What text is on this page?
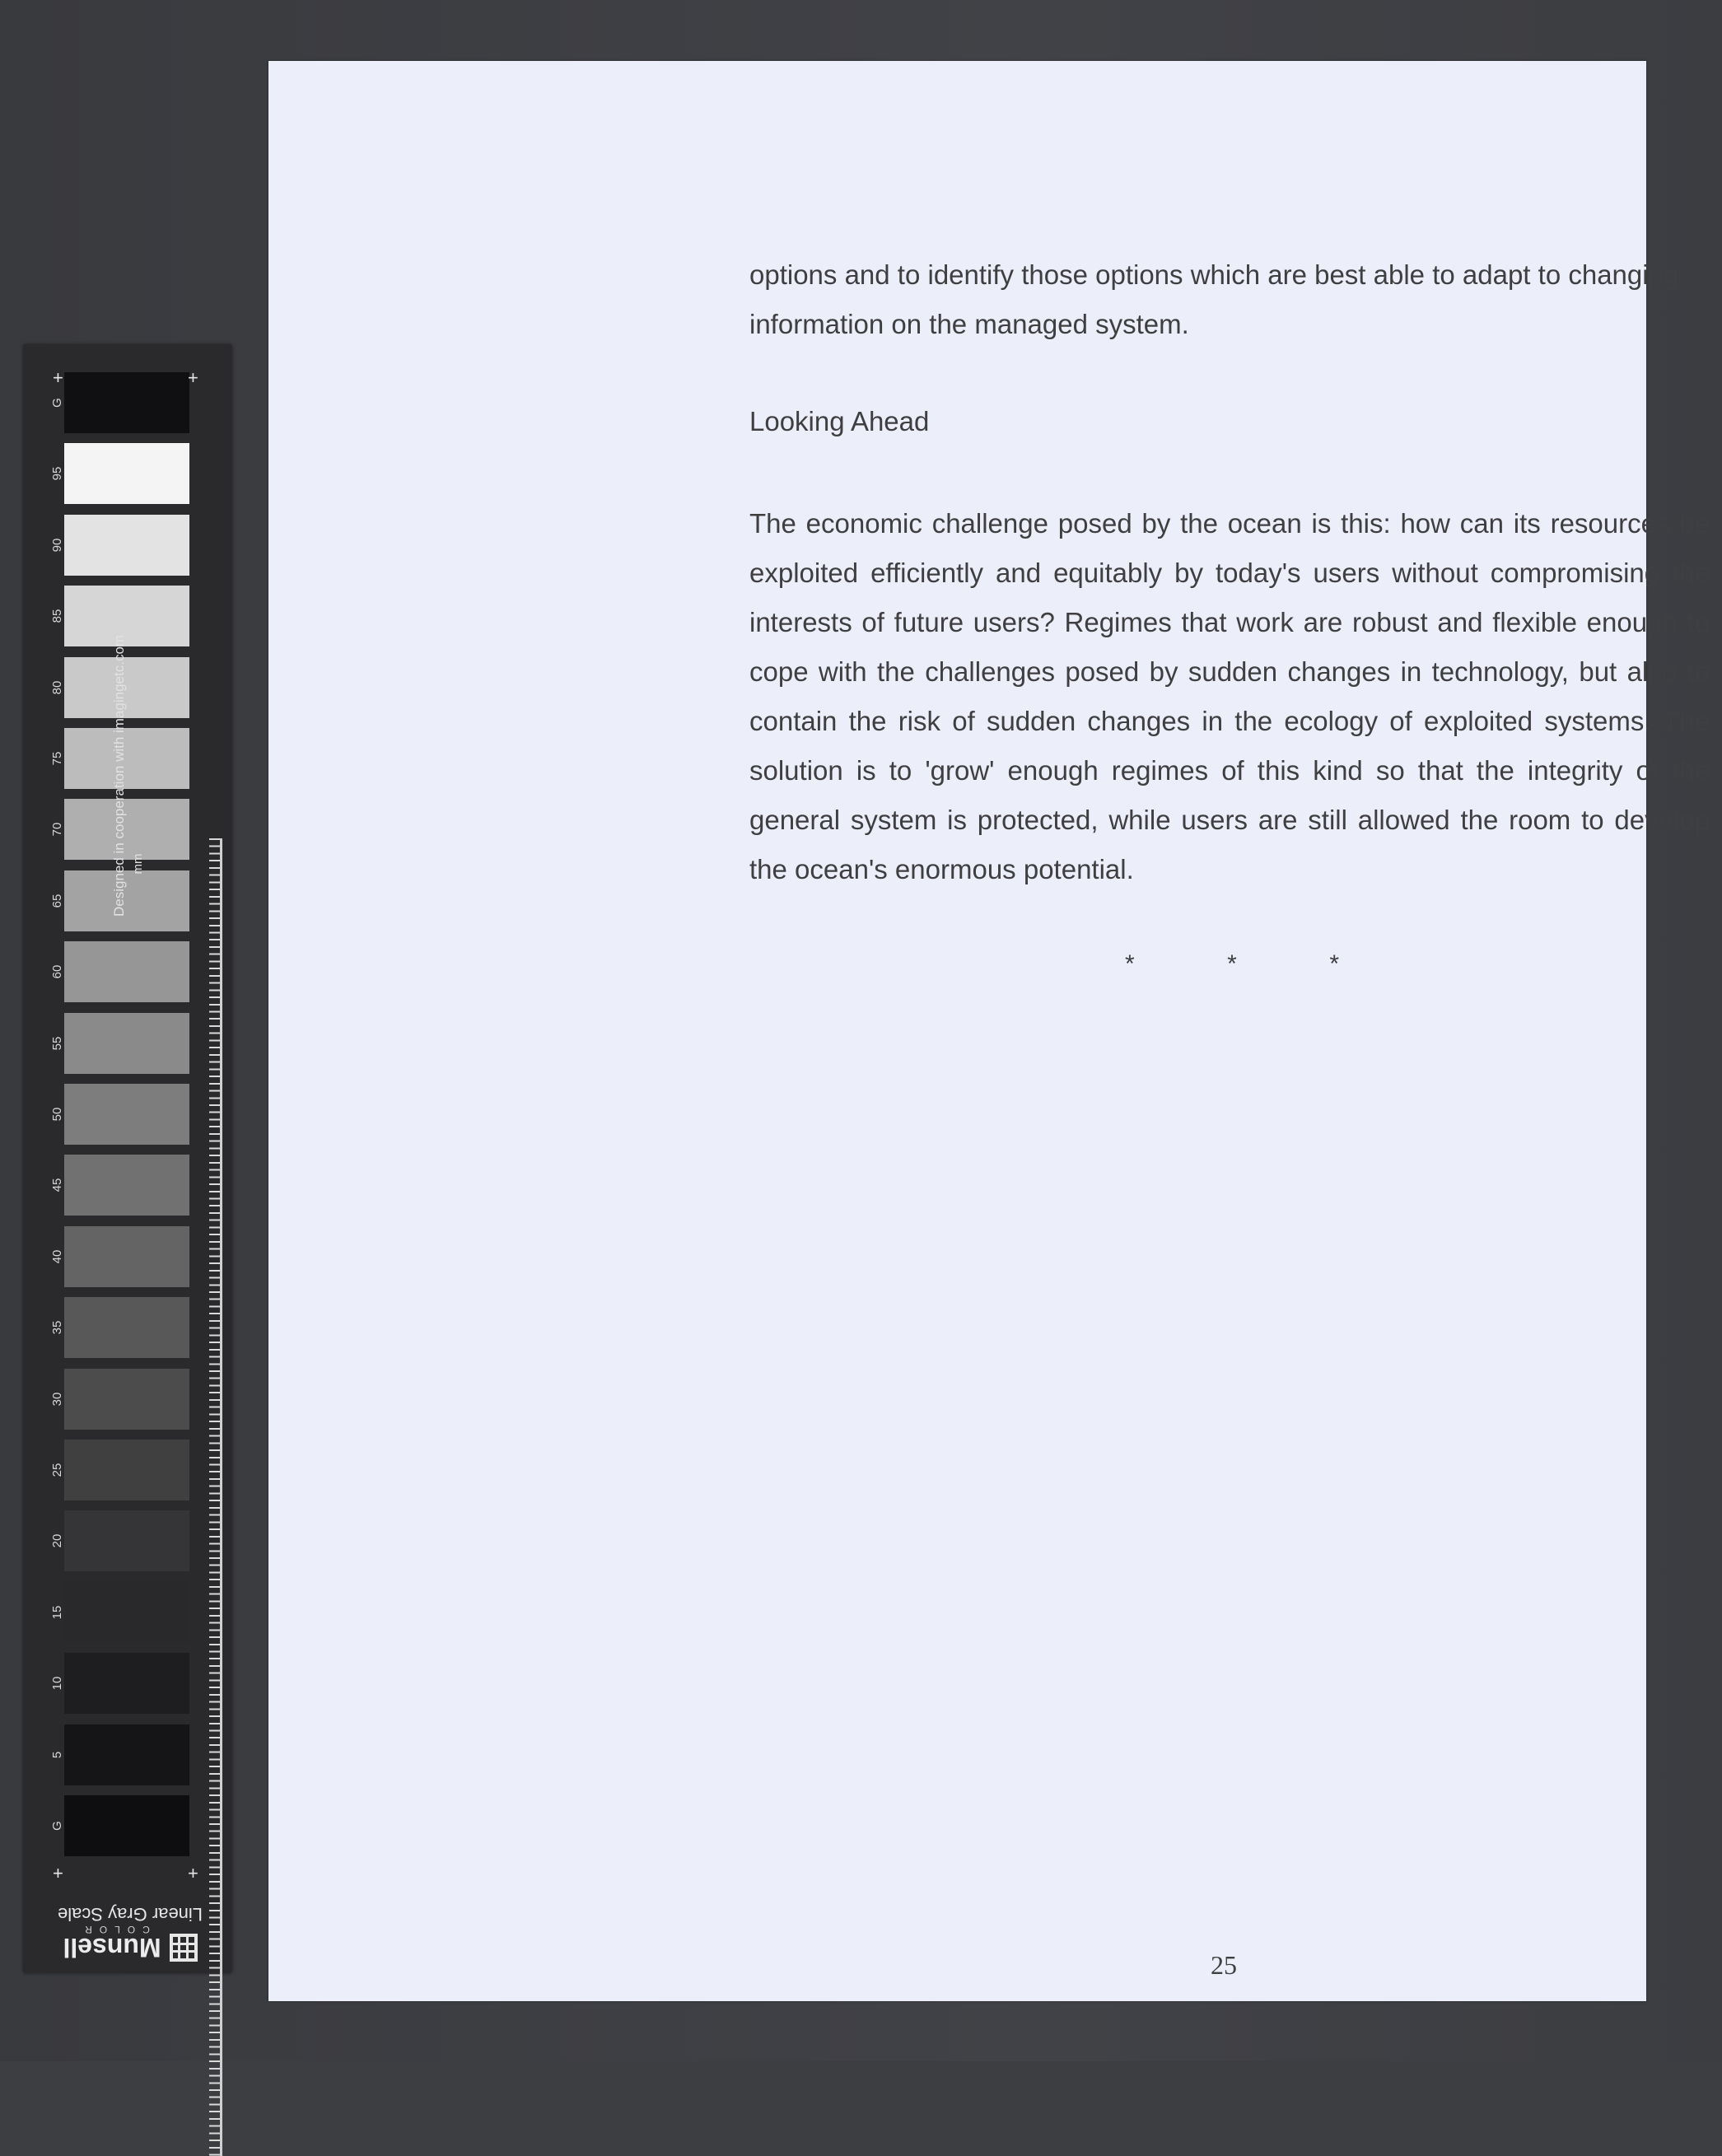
G
95
90
85
80
75
70
65
60
55
50
45
40
35
30
25
20
15
10
5
G
+	+
+	+
Designed in cooperation with imagingetc.com mm
Linear Gray Scale
Munsell
COLOR
options and to identify those options which are best able to adapt to changing information on the managed system.
Looking Ahead
The economic challenge posed by the ocean is this: how can its resources be exploited efficiently and equitably by today's users without compromising the interests of future users? Regimes that work are robust and flexible enough to cope with the challenges posed by sudden changes in technology, but also to contain the risk of sudden changes in the ecology of exploited systems. The solution is to 'grow' enough regimes of this kind so that the integrity of the general system is protected, while users are still allowed the room to develop the ocean's enormous potential.
*	*	*
25
